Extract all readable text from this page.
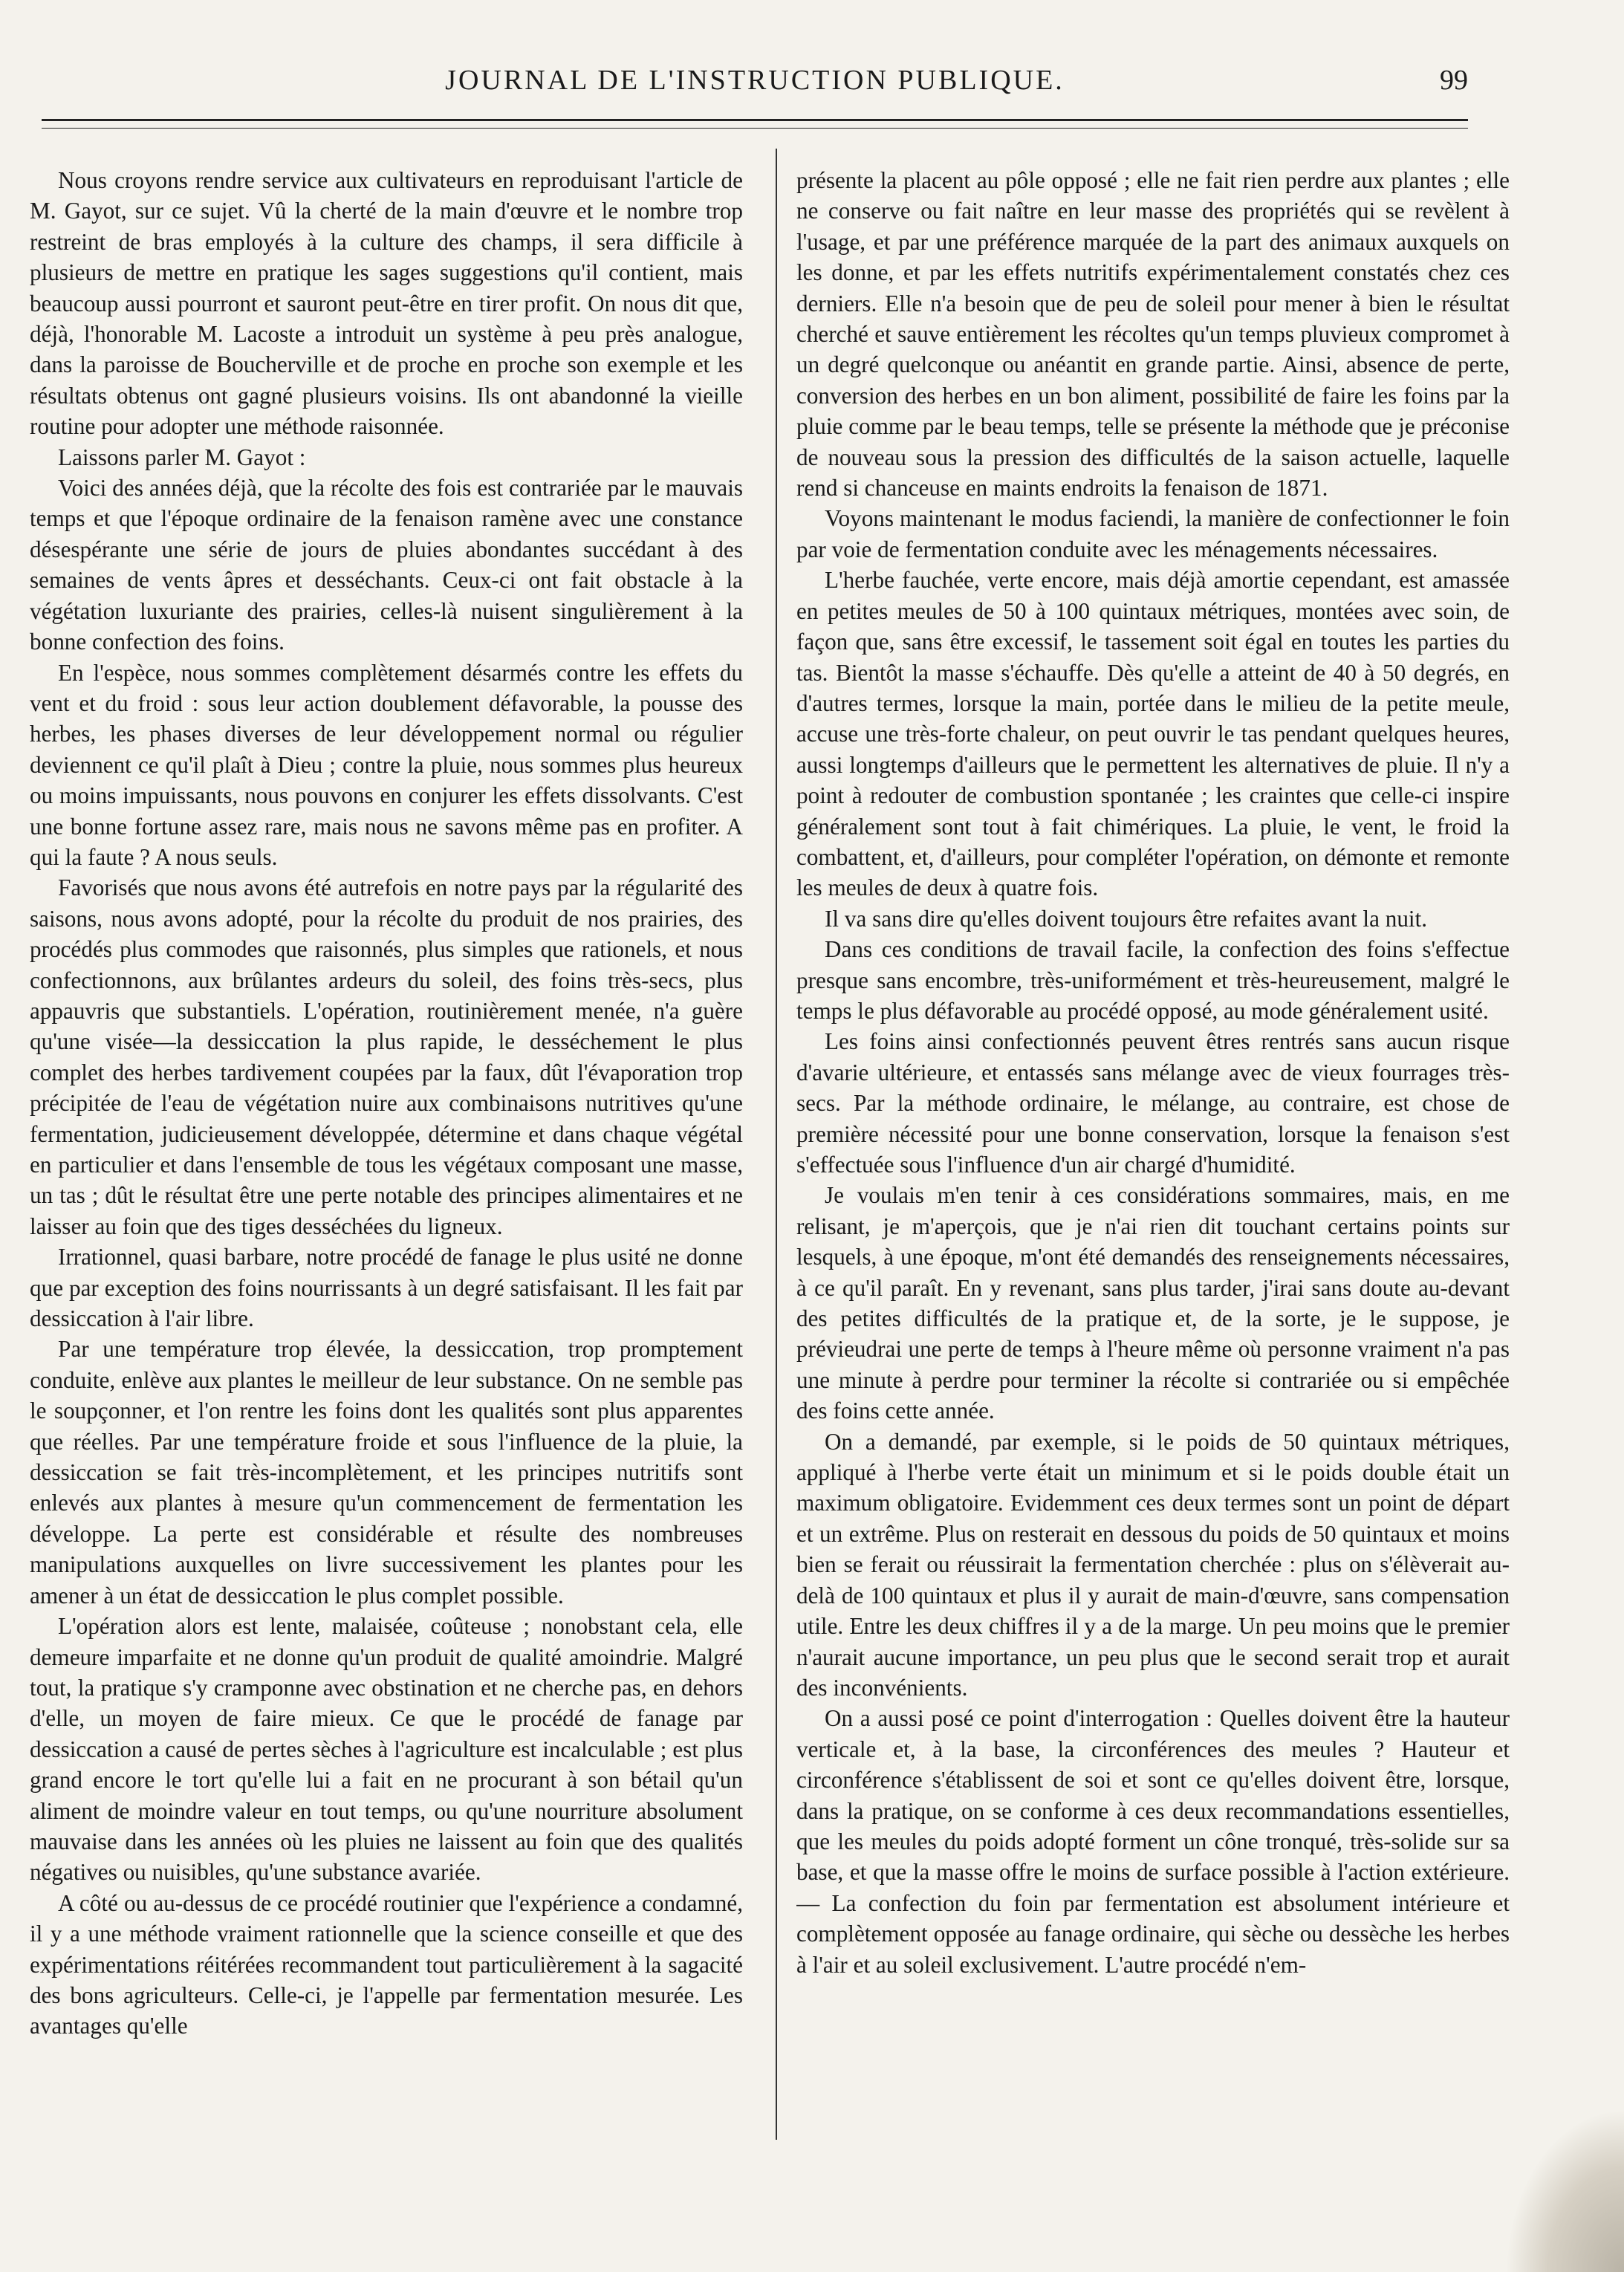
JOURNAL DE L'INSTRUCTION PUBLIQUE.	99

Nous croyons rendre service aux cultivateurs en reproduisant l'article de M. Gayot, sur ce sujet. Vû la cherté de la main d'œuvre et le nombre trop restreint de bras employés à la culture des champs, il sera difficile à plusieurs de mettre en pratique les sages suggestions qu'il contient, mais beaucoup aussi pourront et sauront peut-être en tirer profit. On nous dit que, déjà, l'honorable M. Lacoste a introduit un système à peu près analogue, dans la paroisse de Boucherville et de proche en proche son exemple et les résultats obtenus ont gagné plusieurs voisins. Ils ont abandonné la vieille routine pour adopter une méthode raisonnée.

Laissons parler M. Gayot :

Voici des années déjà, que la récolte des fois est contrariée par le mauvais temps et que l'époque ordinaire de la fenaison ramène avec une constance désespérante une série de jours de pluies abondantes succédant à des semaines de vents âpres et desséchants. Ceux-ci ont fait obstacle à la végétation luxuriante des prairies, celles-là nuisent singulièrement à la bonne confection des foins.

En l'espèce, nous sommes complètement désarmés contre les effets du vent et du froid : sous leur action doublement défavorable, la pousse des herbes, les phases diverses de leur développement normal ou régulier deviennent ce qu'il plaît à Dieu ; contre la pluie, nous sommes plus heureux ou moins impuissants, nous pouvons en conjurer les effets dissolvants. C'est une bonne fortune assez rare, mais nous ne savons même pas en profiter. A qui la faute ? A nous seuls.

Favorisés que nous avons été autrefois en notre pays par la régularité des saisons, nous avons adopté, pour la récolte du produit de nos prairies, des procédés plus commodes que raisonnés, plus simples que rationels, et nous confectionnons, aux brûlantes ardeurs du soleil, des foins très-secs, plus appauvris que substantiels. L'opération, routinièrement menée, n'a guère qu'une visée—la dessiccation la plus rapide, le desséchement le plus complet des herbes tardivement coupées par la faux, dût l'évaporation trop précipitée de l'eau de végétation nuire aux combinaisons nutritives qu'une fermentation, judicieusement développée, détermine et dans chaque végétal en particulier et dans l'ensemble de tous les végétaux composant une masse, un tas ; dût le résultat être une perte notable des principes alimentaires et ne laisser au foin que des tiges desséchées du ligneux.

Irrationnel, quasi barbare, notre procédé de fanage le plus usité ne donne que par exception des foins nourrissants à un degré satisfaisant. Il les fait par dessiccation à l'air libre.

Par une température trop élevée, la dessiccation, trop promptement conduite, enlève aux plantes le meilleur de leur substance. On ne semble pas le soupçonner, et l'on rentre les foins dont les qualités sont plus apparentes que réelles. Par une température froide et sous l'influence de la pluie, la dessiccation se fait très-incomplètement, et les principes nutritifs sont enlevés aux plantes à mesure qu'un commencement de fermentation les développe. La perte est considérable et résulte des nombreuses manipulations auxquelles on livre successivement les plantes pour les amener à un état de dessiccation le plus complet possible.

L'opération alors est lente, malaisée, coûteuse ; nonobstant cela, elle demeure imparfaite et ne donne qu'un produit de qualité amoindrie. Malgré tout, la pratique s'y cramponne avec obstination et ne cherche pas, en dehors d'elle, un moyen de faire mieux. Ce que le procédé de fanage par dessiccation a causé de pertes sèches à l'agriculture est incalculable ; est plus grand encore le tort qu'elle lui a fait en ne procurant à son bétail qu'un aliment de moindre valeur en tout temps, ou qu'une nourriture absolument mauvaise dans les années où les pluies ne laissent au foin que des qualités négatives ou nuisibles, qu'une substance avariée.

A côté ou au-dessus de ce procédé routinier que l'expérience a condamné, il y a une méthode vraiment rationnelle que la science conseille et que des expérimentations réitérées recommandent tout particulièrement à la sagacité des bons agriculteurs. Celle-ci, je l'appelle par fermentation mesurée. Les avantages qu'elle

présente la placent au pôle opposé ; elle ne fait rien perdre aux plantes ; elle ne conserve ou fait naître en leur masse des propriétés qui se revèlent à l'usage, et par une préférence marquée de la part des animaux auxquels on les donne, et par les effets nutritifs expérimentalement constatés chez ces derniers. Elle n'a besoin que de peu de soleil pour mener à bien le résultat cherché et sauve entièrement les récoltes qu'un temps pluvieux compromet à un degré quelconque ou anéantit en grande partie. Ainsi, absence de perte, conversion des herbes en un bon aliment, possibilité de faire les foins par la pluie comme par le beau temps, telle se présente la méthode que je préconise de nouveau sous la pression des difficultés de la saison actuelle, laquelle rend si chanceuse en maints endroits la fenaison de 1871.

Voyons maintenant le modus faciendi, la manière de confectionner le foin par voie de fermentation conduite avec les ménagements nécessaires.

L'herbe fauchée, verte encore, mais déjà amortie cependant, est amassée en petites meules de 50 à 100 quintaux métriques, montées avec soin, de façon que, sans être excessif, le tassement soit égal en toutes les parties du tas. Bientôt la masse s'échauffe. Dès qu'elle a atteint de 40 à 50 degrés, en d'autres termes, lorsque la main, portée dans le milieu de la petite meule, accuse une très-forte chaleur, on peut ouvrir le tas pendant quelques heures, aussi longtemps d'ailleurs que le permettent les alternatives de pluie. Il n'y a point à redouter de combustion spontanée ; les craintes que celle-ci inspire généralement sont tout à fait chimériques. La pluie, le vent, le froid la combattent, et, d'ailleurs, pour compléter l'opération, on démonte et remonte les meules de deux à quatre fois.

Il va sans dire qu'elles doivent toujours être refaites avant la nuit.

Dans ces conditions de travail facile, la confection des foins s'effectue presque sans encombre, très-uniformément et très-heureusement, malgré le temps le plus défavorable au procédé opposé, au mode généralement usité.

Les foins ainsi confectionnés peuvent êtres rentrés sans aucun risque d'avarie ultérieure, et entassés sans mélange avec de vieux fourrages très-secs. Par la méthode ordinaire, le mélange, au contraire, est chose de première nécessité pour une bonne conservation, lorsque la fenaison s'est s'effectuée sous l'influence d'un air chargé d'humidité.

Je voulais m'en tenir à ces considérations sommaires, mais, en me relisant, je m'aperçois, que je n'ai rien dit touchant certains points sur lesquels, à une époque, m'ont été demandés des renseignements nécessaires, à ce qu'il paraît. En y revenant, sans plus tarder, j'irai sans doute au-devant des petites difficultés de la pratique et, de la sorte, je le suppose, je prévieudrai une perte de temps à l'heure même où personne vraiment n'a pas une minute à perdre pour terminer la récolte si contrariée ou si empêchée des foins cette année.

On a demandé, par exemple, si le poids de 50 quintaux métriques, appliqué à l'herbe verte était un minimum et si le poids double était un maximum obligatoire. Evidemment ces deux termes sont un point de départ et un extrême. Plus on resterait en dessous du poids de 50 quintaux et moins bien se ferait ou réussirait la fermentation cherchée : plus on s'élèverait au-delà de 100 quintaux et plus il y aurait de main-d'œuvre, sans compensation utile. Entre les deux chiffres il y a de la marge. Un peu moins que le premier n'aurait aucune importance, un peu plus que le second serait trop et aurait des inconvénients.

On a aussi posé ce point d'interrogation : Quelles doivent être la hauteur verticale et, à la base, la circonférences des meules ? Hauteur et circonférence s'établissent de soi et sont ce qu'elles doivent être, lorsque, dans la pratique, on se conforme à ces deux recommandations essentielles, que les meules du poids adopté forment un cône tronqué, très-solide sur sa base, et que la masse offre le moins de surface possible à l'action extérieure. — La confection du foin par fermentation est absolument intérieure et complètement opposée au fanage ordinaire, qui sèche ou dessèche les herbes à l'air et au soleil exclusivement. L'autre procédé n'em-
